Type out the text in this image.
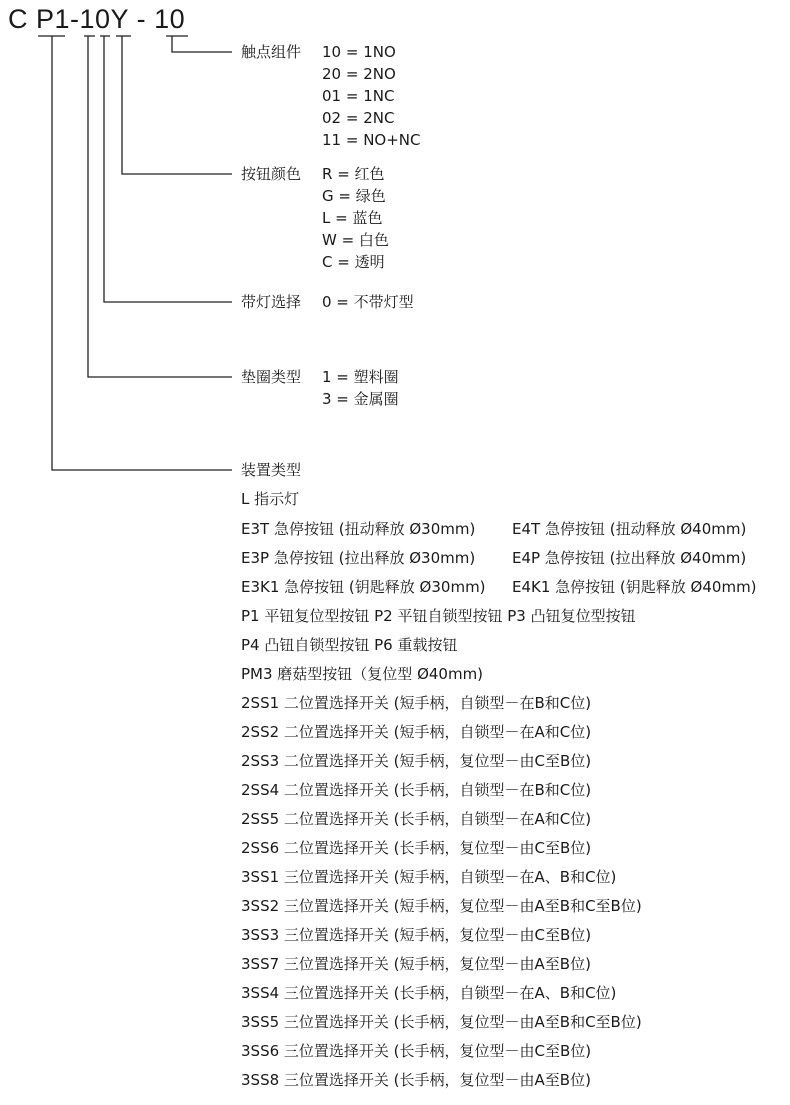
C P1-10Y - 10
触点组件 10 = 1NO
20 = 2NO
01 = 1NC
02 = 2NC
11 = NO+NC
按钮颜色 R = 红色
G = 绿色
L = 蓝色
W = 白色
C = 透明
带灯选择 0 = 不带灯型
垫圈类型 1 = 塑料圈
3 = 金属圈
装置类型
L 指示灯
E3T 急停按钮 (扭动释放 Ø30mm) E4T 急停按钮 (扭动释放 Ø40mm)
E3P 急停按钮 (拉出释放 Ø30mm) E4P 急停按钮 (拉出释放 Ø40mm)
E3K1 急停按钮 (钥匙释放 Ø30mm) E4K1 急停按钮 (钥匙释放 Ø40mm)
P1 平钮复位型按钮 P2 平钮自锁型按钮 P3 凸钮复位型按钮
P4 凸钮自锁型按钮 P6 重载按钮
PM3 磨菇型按钮（复位型 Ø40mm)
2SS1 二位置选择开关 (短手柄，自锁型－在B和C位)
2SS2 二位置选择开关 (短手柄，自锁型－在A和C位)
2SS3 二位置选择开关 (短手柄，复位型－由C至B位)
2SS4 二位置选择开关 (长手柄，自锁型－在B和C位)
2SS5 二位置选择开关 (长手柄，自锁型－在A和C位)
2SS6 二位置选择开关 (长手柄，复位型－由C至B位)
3SS1 三位置选择开关 (短手柄，自锁型－在A、B和C位)
3SS2 三位置选择开关 (短手柄，复位型－由A至B和C至B位)
3SS3 三位置选择开关 (短手柄，复位型－由C至B位)
3SS7 三位置选择开关 (短手柄，复位型－由A至B位)
3SS4 三位置选择开关 (长手柄，自锁型－在A、B和C位)
3SS5 三位置选择开关 (长手柄，复位型－由A至B和C至B位)
3SS6 三位置选择开关 (长手柄，复位型－由C至B位)
3SS8 三位置选择开关 (长手柄，复位型－由A至B位)
